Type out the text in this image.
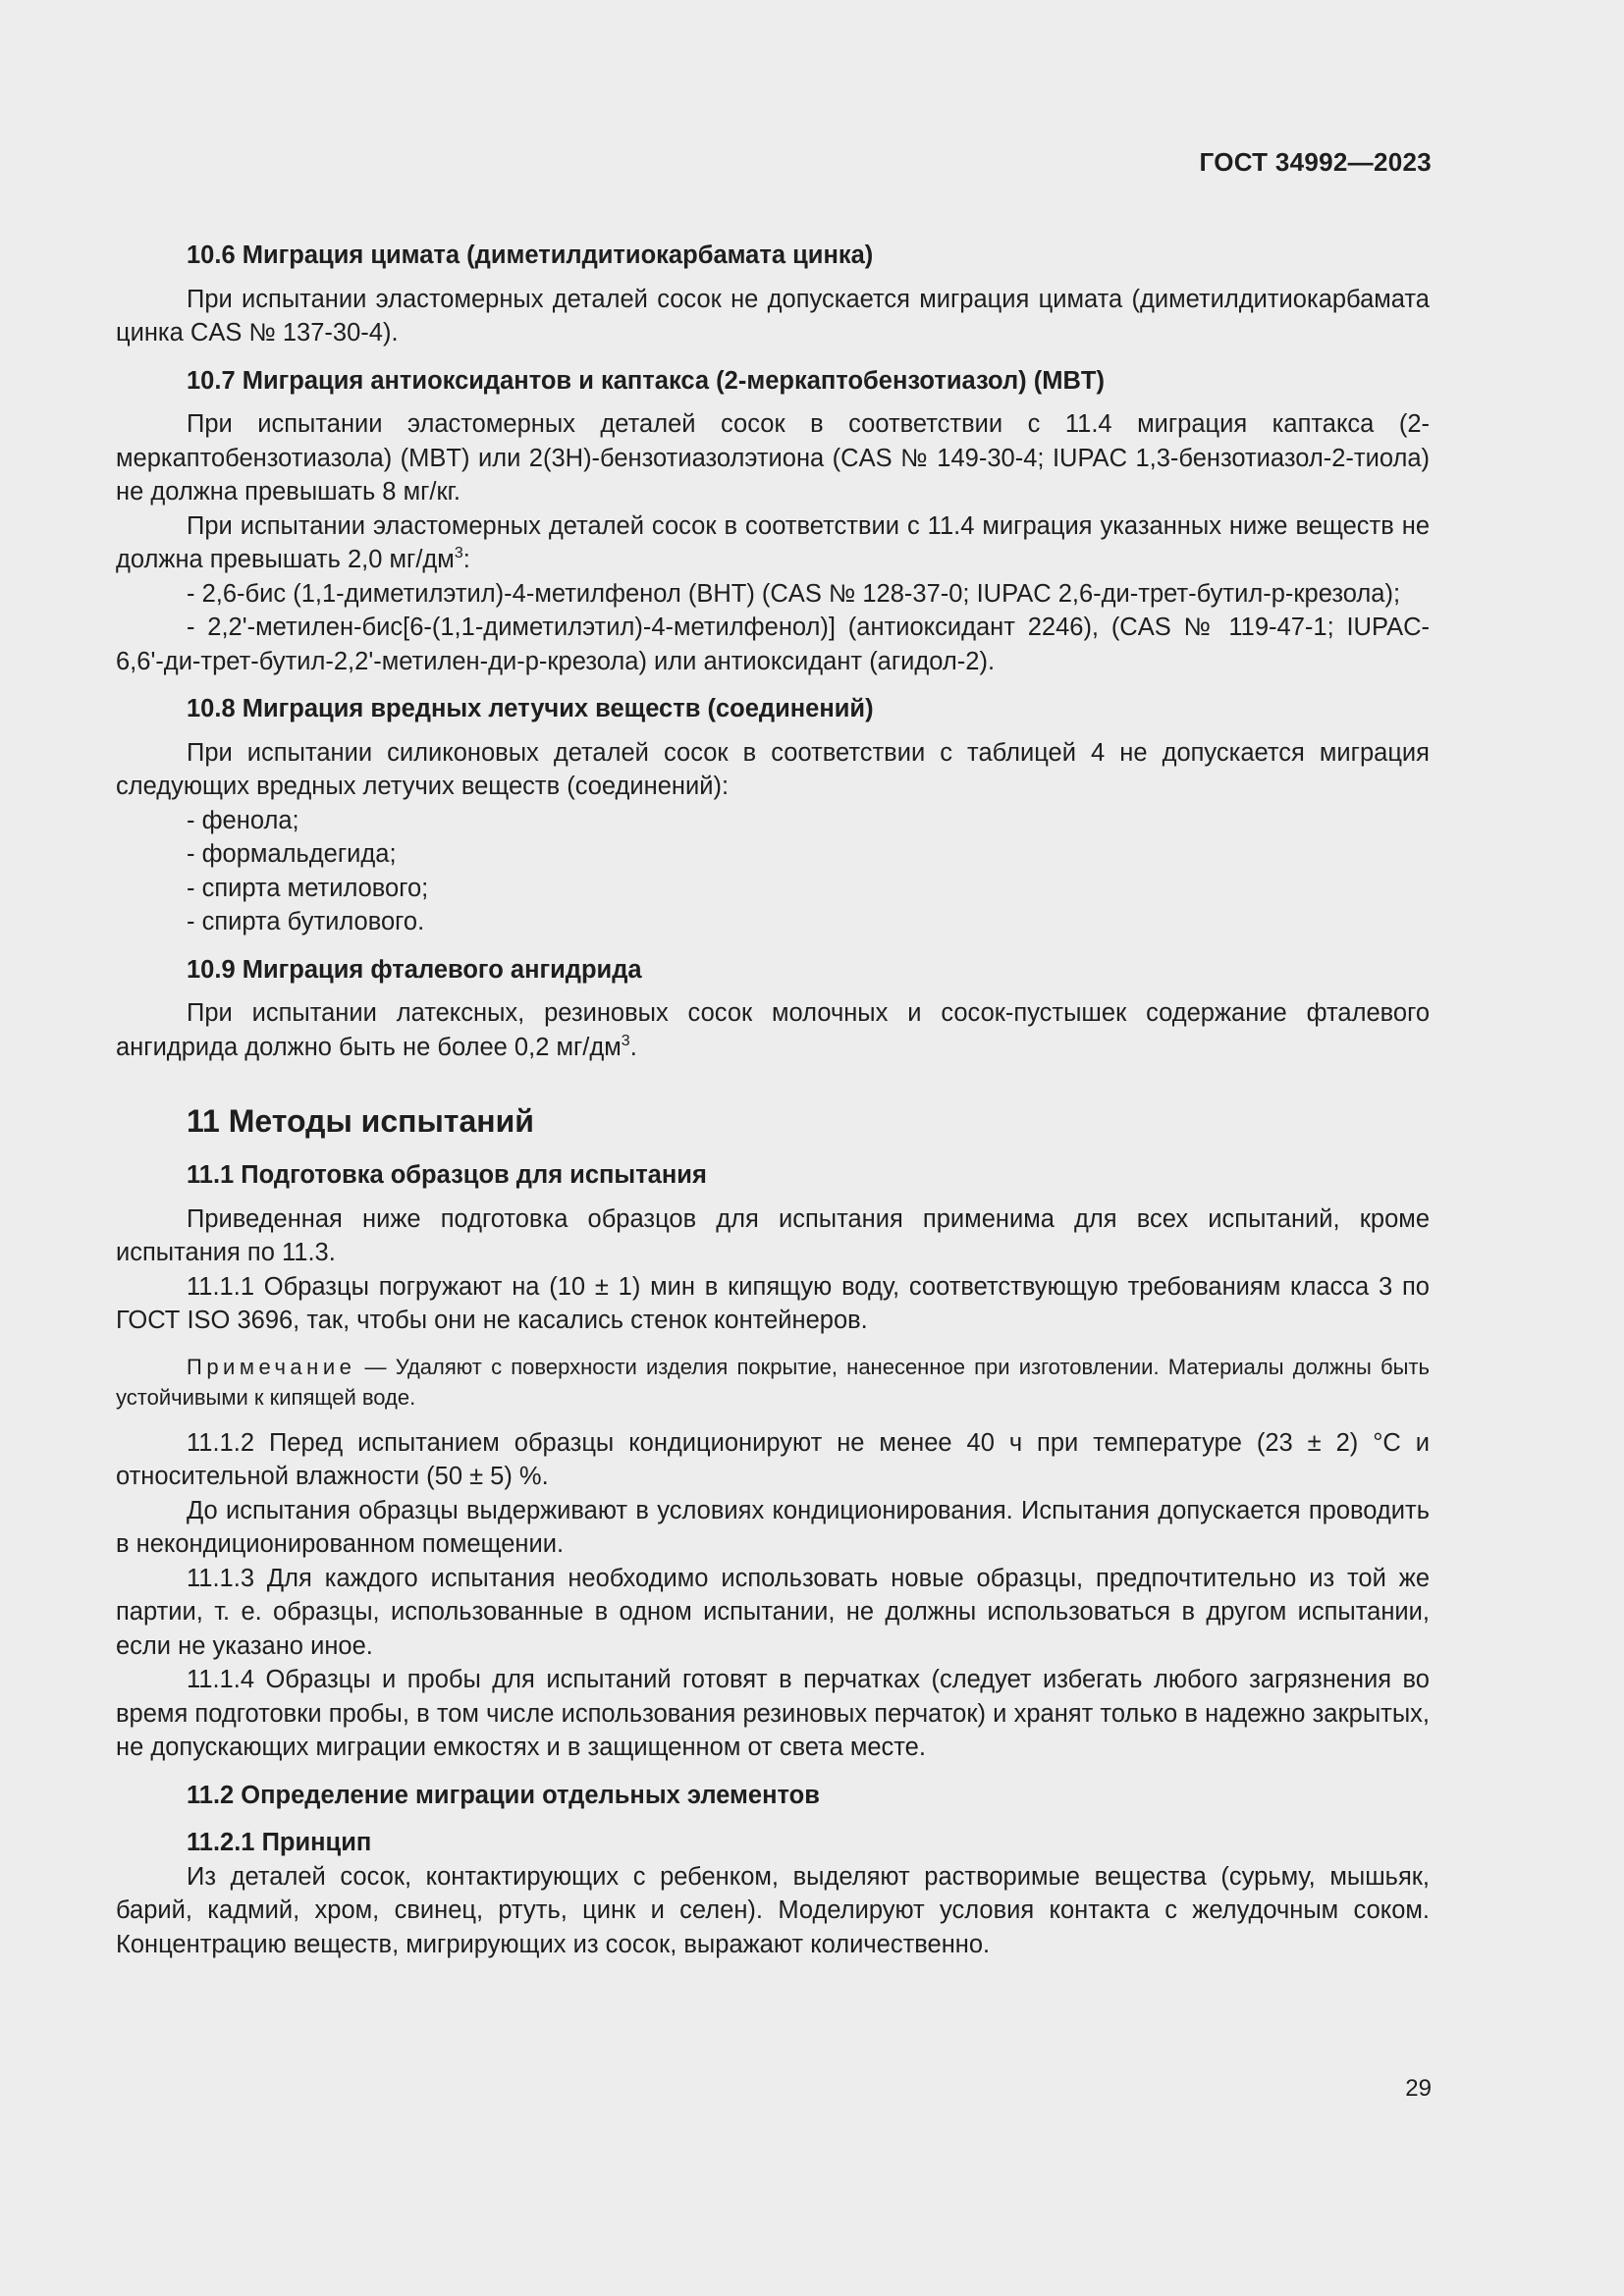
ГОСТ 34992—2023
10.6 Миграция цимата (диметилдитиокарбамата цинка)

При испытании эластомерных деталей сосок не допускается миграция цимата (диметилдитиокарбамата цинка CAS № 137-30-4).

10.7 Миграция антиоксидантов и каптакса (2-меркаптобензотиазол) (MBT)

При испытании эластомерных деталей сосок в соответствии с 11.4 миграция каптакса (2-меркаптобензотиазола) (MBT) или 2(3H)-бензотиазолэтиона (CAS № 149-30-4; IUPAC 1,3-бензотиазол-2-тиола) не должна превышать 8 мг/кг.

При испытании эластомерных деталей сосок в соответствии с 11.4 миграция указанных ниже веществ не должна превышать 2,0 $мг/дм^3$:

- 2,6-бис (1,1-диметилэтил)-4-метилфенол (BHT) (CAS № 128-37-0; IUPAC 2,6-ди-трет-бутил-р-крезола);

- 2,2'-метилен-бис[6-(1,1-диметилэтил)-4-метилфенол)] (антиоксидант 2246), (CAS № 119-47-1; IUPAC-6,6'-ди-трет-бутил-2,2'-метилен-ди-р-крезола) или антиоксидант (агидол-2).

10.8 Миграция вредных летучих веществ (соединений)

При испытании силиконовых деталей сосок в соответствии с таблицей 4 не допускается миграция следующих вредных летучих веществ (соединений):

- фенола;

- формальдегида;

- спирта метилового;

- спирта бутилового.

10.9 Миграция фталевого ангидрида

При испытании латексных, резиновых сосок молочных и сосок-пустышек содержание фталевого ангидрида должно быть не более 0,2 $мг/дм^3$.

11 Методы испытаний
11.1 Подготовка образцов для испытания

Приведенная ниже подготовка образцов для испытания применима для всех испытаний, кроме испытания по 11.3.

11.1.1 Образцы погружают на (10 ± 1) мин в кипящую воду, соответствующую требованиям класса 3 по ГОСТ ISO 3696, так, чтобы они не касались стенок контейнеров.

Примечание — Удаляют с поверхности изделия покрытие, нанесенное при изготовлении. Материалы должны быть устойчивыми к кипящей воде.

11.1.2 Перед испытанием образцы кондиционируют не менее 40 ч при температуре (23 ± 2) °C и относительной влажности (50 ± 5) %.

До испытания образцы выдерживают в условиях кондиционирования. Испытания допускается проводить в некондиционированном помещении.

11.1.3 Для каждого испытания необходимо использовать новые образцы, предпочтительно из той же партии, т. е. образцы, использованные в одном испытании, не должны использоваться в другом испытании, если не указано иное.

11.1.4 Образцы и пробы для испытаний готовят в перчатках (следует избегать любого загрязнения во время подготовки пробы, в том числе использования резиновых перчаток) и хранят только в надежно закрытых, не допускающих миграции емкостях и в защищенном от света месте.

11.2 Определение миграции отдельных элементов
11.2.1 Принцип

Из деталей сосок, контактирующих с ребенком, выделяют растворимые вещества (сурьму, мышьяк, барий, кадмий, хром, свинец, ртуть, цинк и селен). Моделируют условия контакта с желудочным соком. Концентрацию веществ, мигрирующих из сосок, выражают количественно.

29
